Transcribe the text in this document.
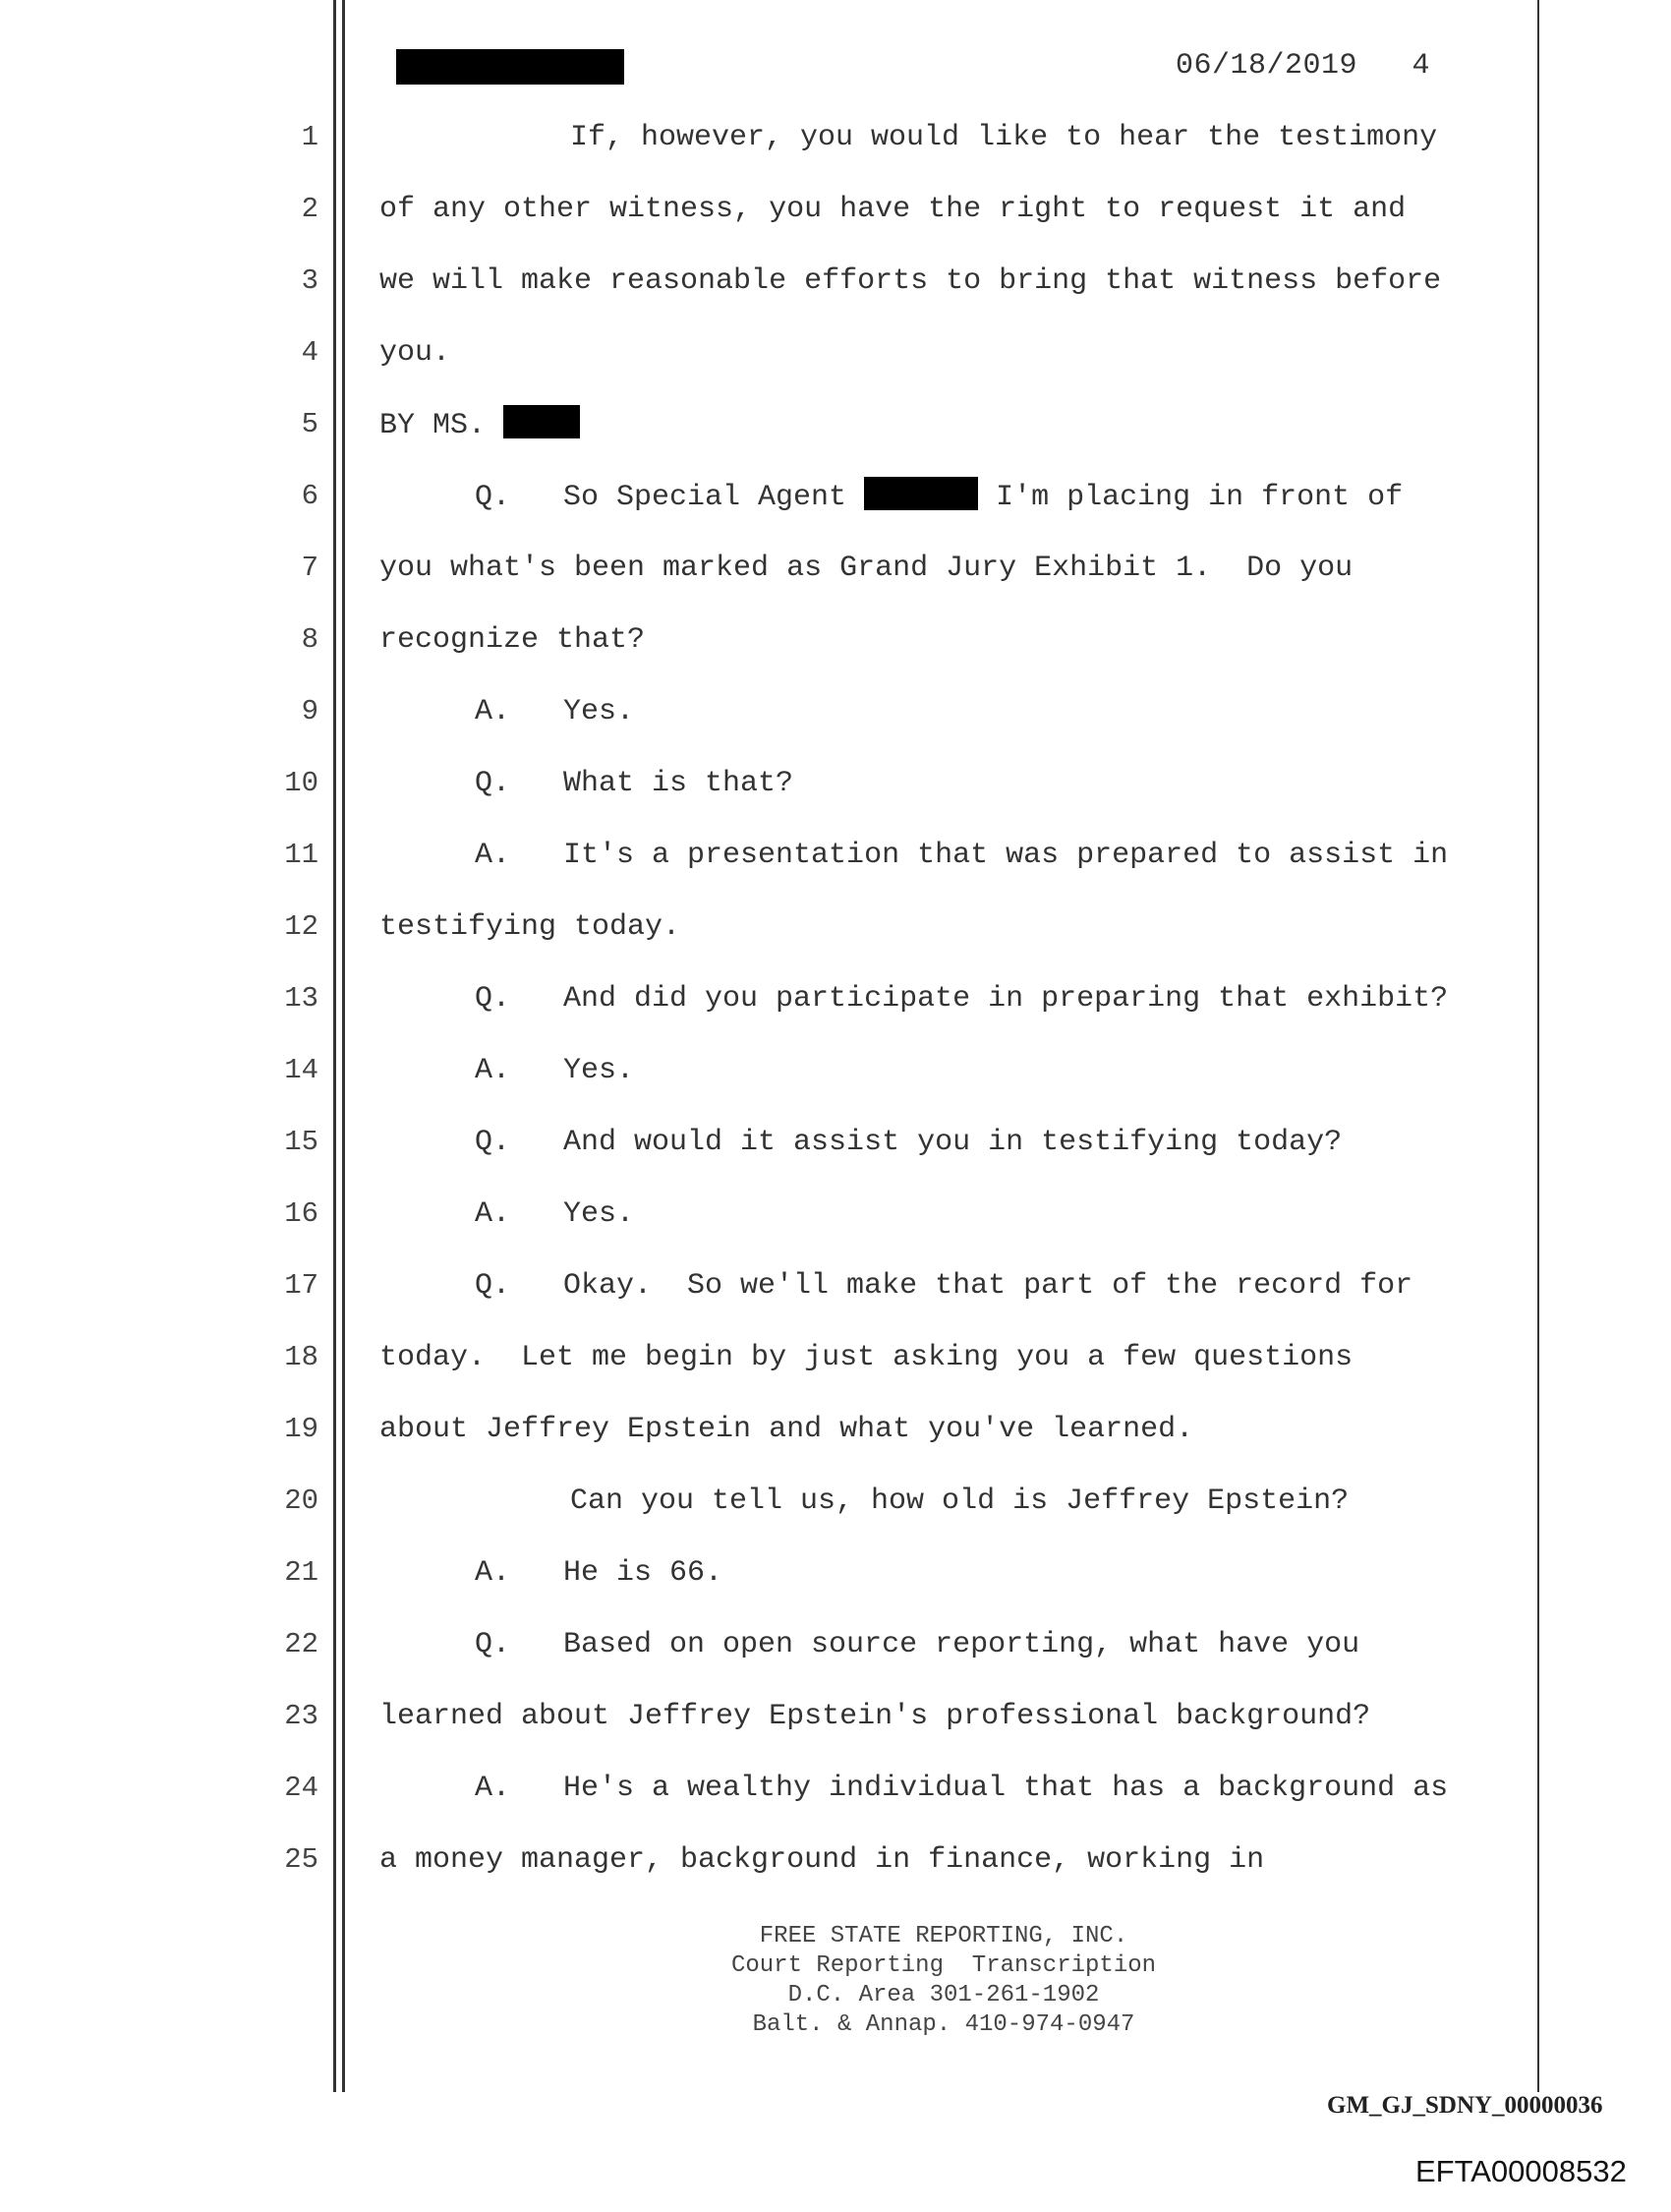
06/18/2019 4
1	If, however, you would like to hear the testimony
2 of any other witness, you have the right to request it and
3 we will make reasonable efforts to bring that witness before
4 you.
5 BY MS.
6	Q.   So Special Agent	I'm placing in front of
7 you what's been marked as Grand Jury Exhibit 1.  Do you
8 recognize that?
9	A.   Yes.
10	Q.   What is that?
11	A.   It's a presentation that was prepared to assist in
12 testifying today.
13	Q.   And did you participate in preparing that exhibit?
14	A.   Yes.
15	Q.   And would it assist you in testifying today?
16	A.   Yes.
17	Q.   Okay.  So we'll make that part of the record for
18 today.  Let me begin by just asking you a few questions
19 about Jeffrey Epstein and what you've learned.
20	Can you tell us, how old is Jeffrey Epstein?
21	A.   He is 66.
22	Q.   Based on open source reporting, what have you
23 learned about Jeffrey Epstein's professional background?
24	A.   He's a wealthy individual that has a background as
25 a money manager, background in finance, working in
FREE STATE REPORTING, INC.
Court Reporting  Transcription
D.C. Area 301-261-1902
Balt. & Annap. 410-974-0947
GM_GJ_SDNY_00000036
EFTA00008532
